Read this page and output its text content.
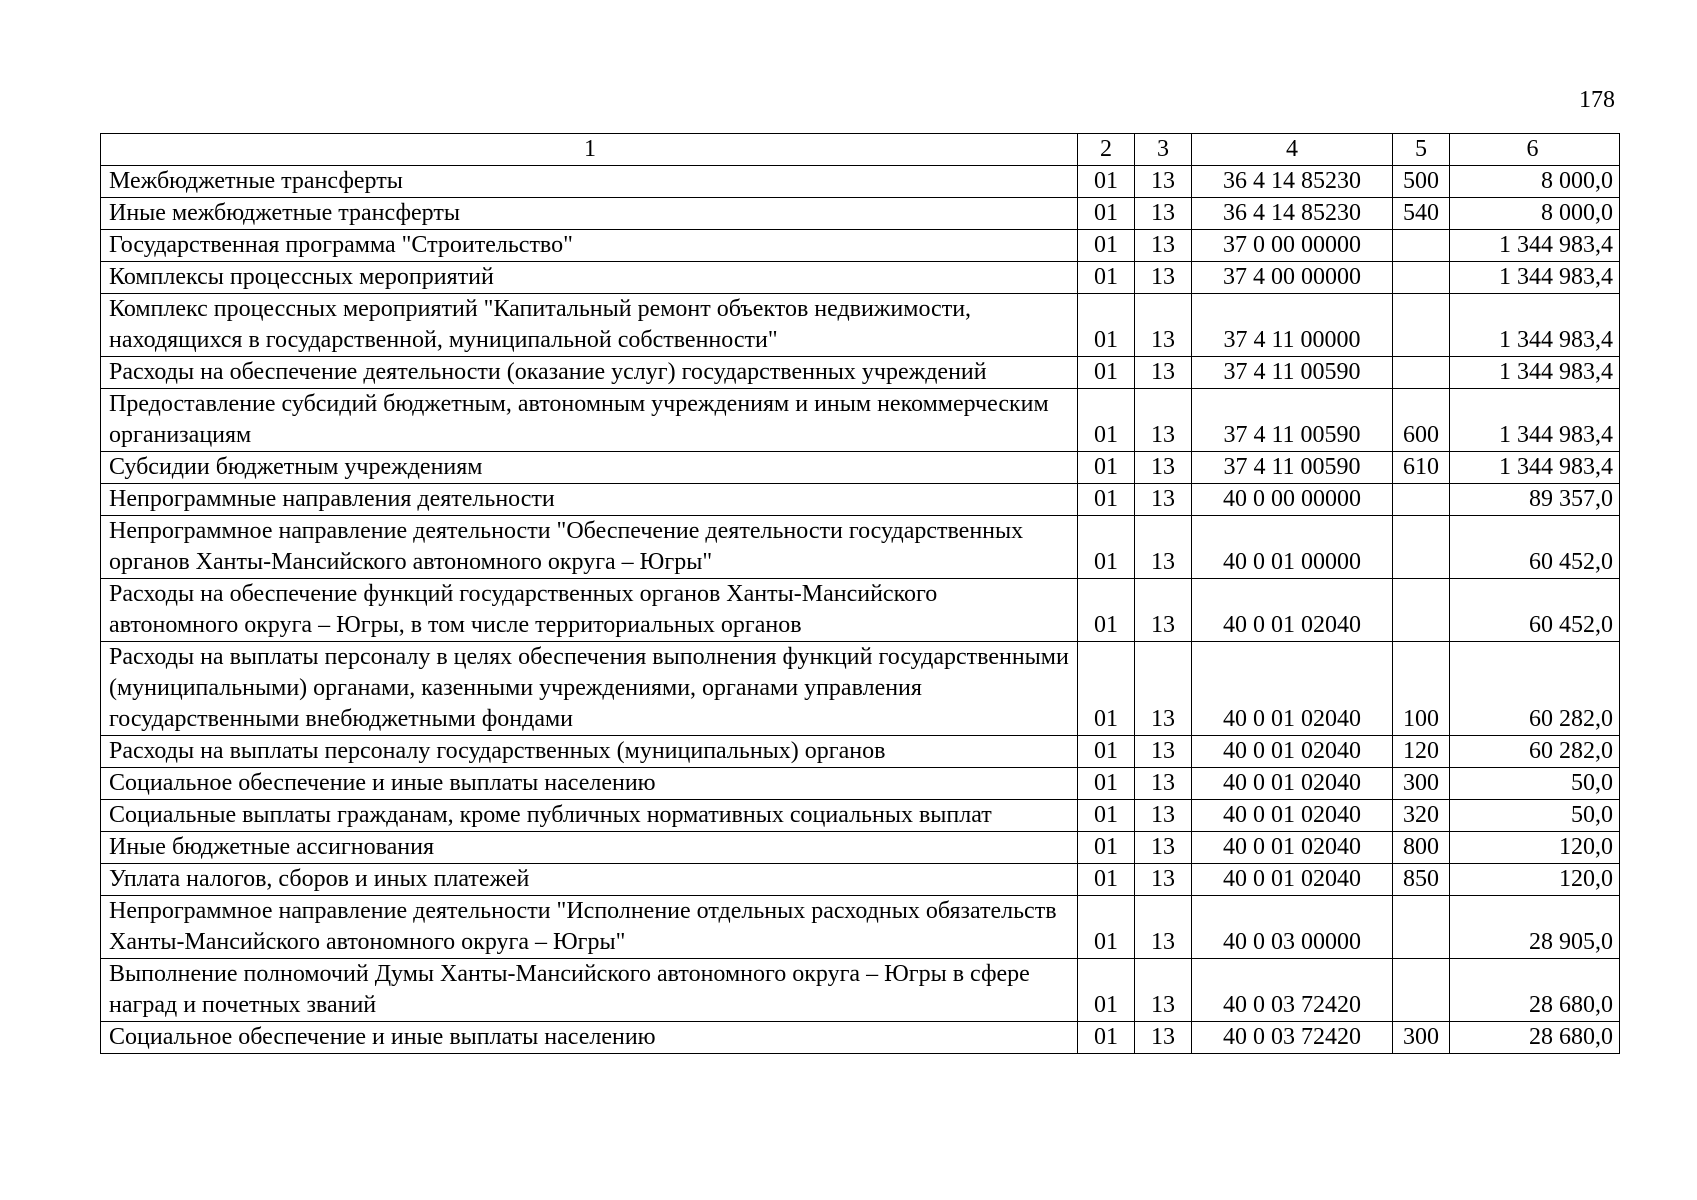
178
1	2	3	4	5	6
Межбюджетные трансферты	01	13	36 4 14 85230	500	8 000,0
Иные межбюджетные трансферты	01	13	36 4 14 85230	540	8 000,0
Государственная программа "Строительство"	01	13	37 0 00 00000		1 344 983,4
Комплексы процессных мероприятий	01	13	37 4 00 00000		1 344 983,4
Комплекс процессных мероприятий "Капитальный ремонт объектов недвижимости, находящихся в государственной, муниципальной собственности"	01	13	37 4 11 00000		1 344 983,4
Расходы на обеспечение деятельности (оказание услуг) государственных учреждений	01	13	37 4 11 00590		1 344 983,4
Предоставление субсидий бюджетным, автономным учреждениям и иным некоммерческим организациям	01	13	37 4 11 00590	600	1 344 983,4
Субсидии бюджетным учреждениям	01	13	37 4 11 00590	610	1 344 983,4
Непрограммные направления деятельности	01	13	40 0 00 00000		89 357,0
Непрограммное направление деятельности "Обеспечение деятельности государственных органов Ханты-Мансийского автономного округа – Югры"	01	13	40 0 01 00000		60 452,0
Расходы на обеспечение функций государственных органов Ханты-Мансийского автономного округа – Югры, в том числе территориальных органов	01	13	40 0 01 02040		60 452,0
Расходы на выплаты персоналу в целях обеспечения выполнения функций государственными (муниципальными) органами, казенными учреждениями, органами управления государственными внебюджетными фондами	01	13	40 0 01 02040	100	60 282,0
Расходы на выплаты персоналу государственных (муниципальных) органов	01	13	40 0 01 02040	120	60 282,0
Социальное обеспечение и иные выплаты населению	01	13	40 0 01 02040	300	50,0
Социальные выплаты гражданам, кроме публичных нормативных социальных выплат	01	13	40 0 01 02040	320	50,0
Иные бюджетные ассигнования	01	13	40 0 01 02040	800	120,0
Уплата налогов, сборов и иных платежей	01	13	40 0 01 02040	850	120,0
Непрограммное направление деятельности "Исполнение отдельных расходных обязательств Ханты-Мансийского автономного округа – Югры"	01	13	40 0 03 00000		28 905,0
Выполнение полномочий Думы Ханты-Мансийского автономного округа – Югры в сфере наград и почетных званий	01	13	40 0 03 72420		28 680,0
Социальное обеспечение и иные выплаты населению	01	13	40 0 03 72420	300	28 680,0
